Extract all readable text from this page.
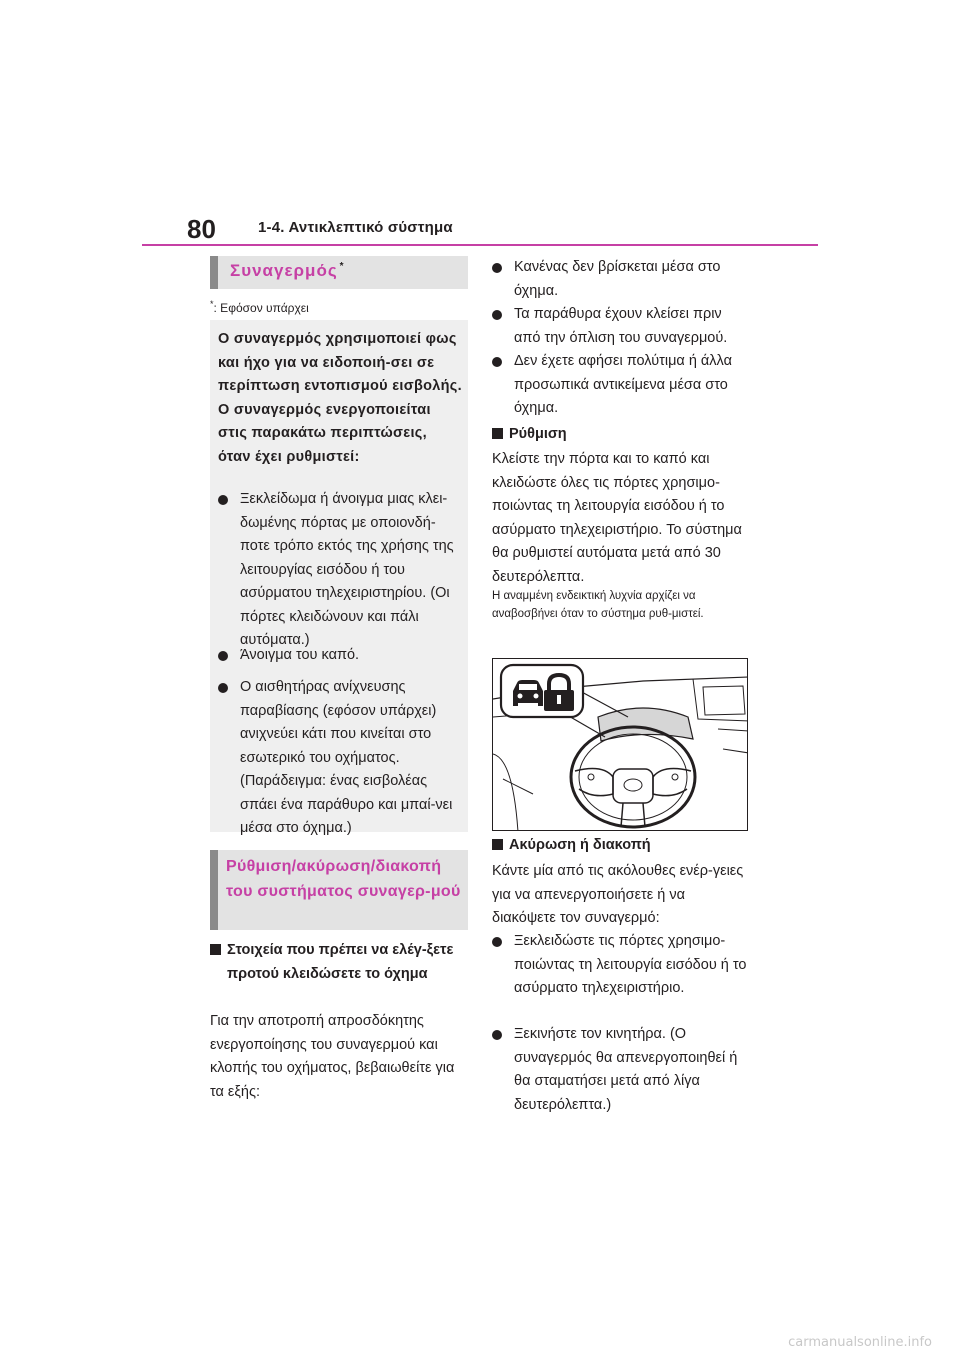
80	1-4. Αντικλεπτικό σύστημα
Συναγερμός *
*: Εφόσον υπάρχει
Ο συναγερμός χρησιμοποιεί φως και ήχο για να ειδοποιή-σει σε περίπτωση εντοπισμού εισβολής. Ο συναγερμός ενεργοποιείται στις παρακάτω περιπτώσεις, όταν έχει ρυθμιστεί:
Ξεκλείδωμα ή άνοιγμα μιας κλει-δωμένης πόρτας με οποιονδή-ποτε τρόπο εκτός της χρήσης της λειτουργίας εισόδου ή του ασύρματου τηλεχειριστηρίου. (Οι πόρτες κλειδώνουν και πάλι αυτόματα.)
Άνοιγμα του καπό.
Ο αισθητήρας ανίχνευσης παραβίασης (εφόσον υπάρχει) ανιχνεύει κάτι που κινείται στο εσωτερικό του οχήματος. (Παράδειγμα: ένας εισβολέας σπάει ένα παράθυρο και μπαί-νει μέσα στο όχημα.)
Ρύθμιση/ακύρωση/διακοπή του συστήματος συναγερ-μού
Στοιχεία που πρέπει να ελέγ-ξετε προτού κλειδώσετε το όχημα
Για την αποτροπή απροσδόκητης ενεργοποίησης του συναγερμού και κλοπής του οχήματος, βεβαιωθείτε για τα εξής:
Κανένας δεν βρίσκεται μέσα στο όχημα.
Τα παράθυρα έχουν κλείσει πριν από την όπλιση του συναγερμού.
Δεν έχετε αφήσει πολύτιμα ή άλλα προσωπικά αντικείμενα μέσα στο όχημα.
Ρύθμιση
Κλείστε την πόρτα και το καπό και κλειδώστε όλες τις πόρτες χρησιμο-ποιώντας τη λειτουργία εισόδου ή το ασύρματο τηλεχειριστήριο. Το σύστημα θα ρυθμιστεί αυτόματα μετά από 30 δευτερόλεπτα.
Η αναμμένη ενδεικτική λυχνία αρχίζει να αναβοσβήνει όταν το σύστημα ρυθ-μιστεί.
Ακύρωση ή διακοπή
Κάντε μία από τις ακόλουθες ενέρ-γειες για να απενεργοποιήσετε ή να διακόψετε τον συναγερμό:
Ξεκλειδώστε τις πόρτες χρησιμο-ποιώντας τη λειτουργία εισόδου ή το ασύρματο τηλεχειριστήριο.
Ξεκινήστε τον κινητήρα. (Ο συναγερμός θα απενεργοποιηθεί ή θα σταματήσει μετά από λίγα δευτερόλεπτα.)
carmanualsonline.info
